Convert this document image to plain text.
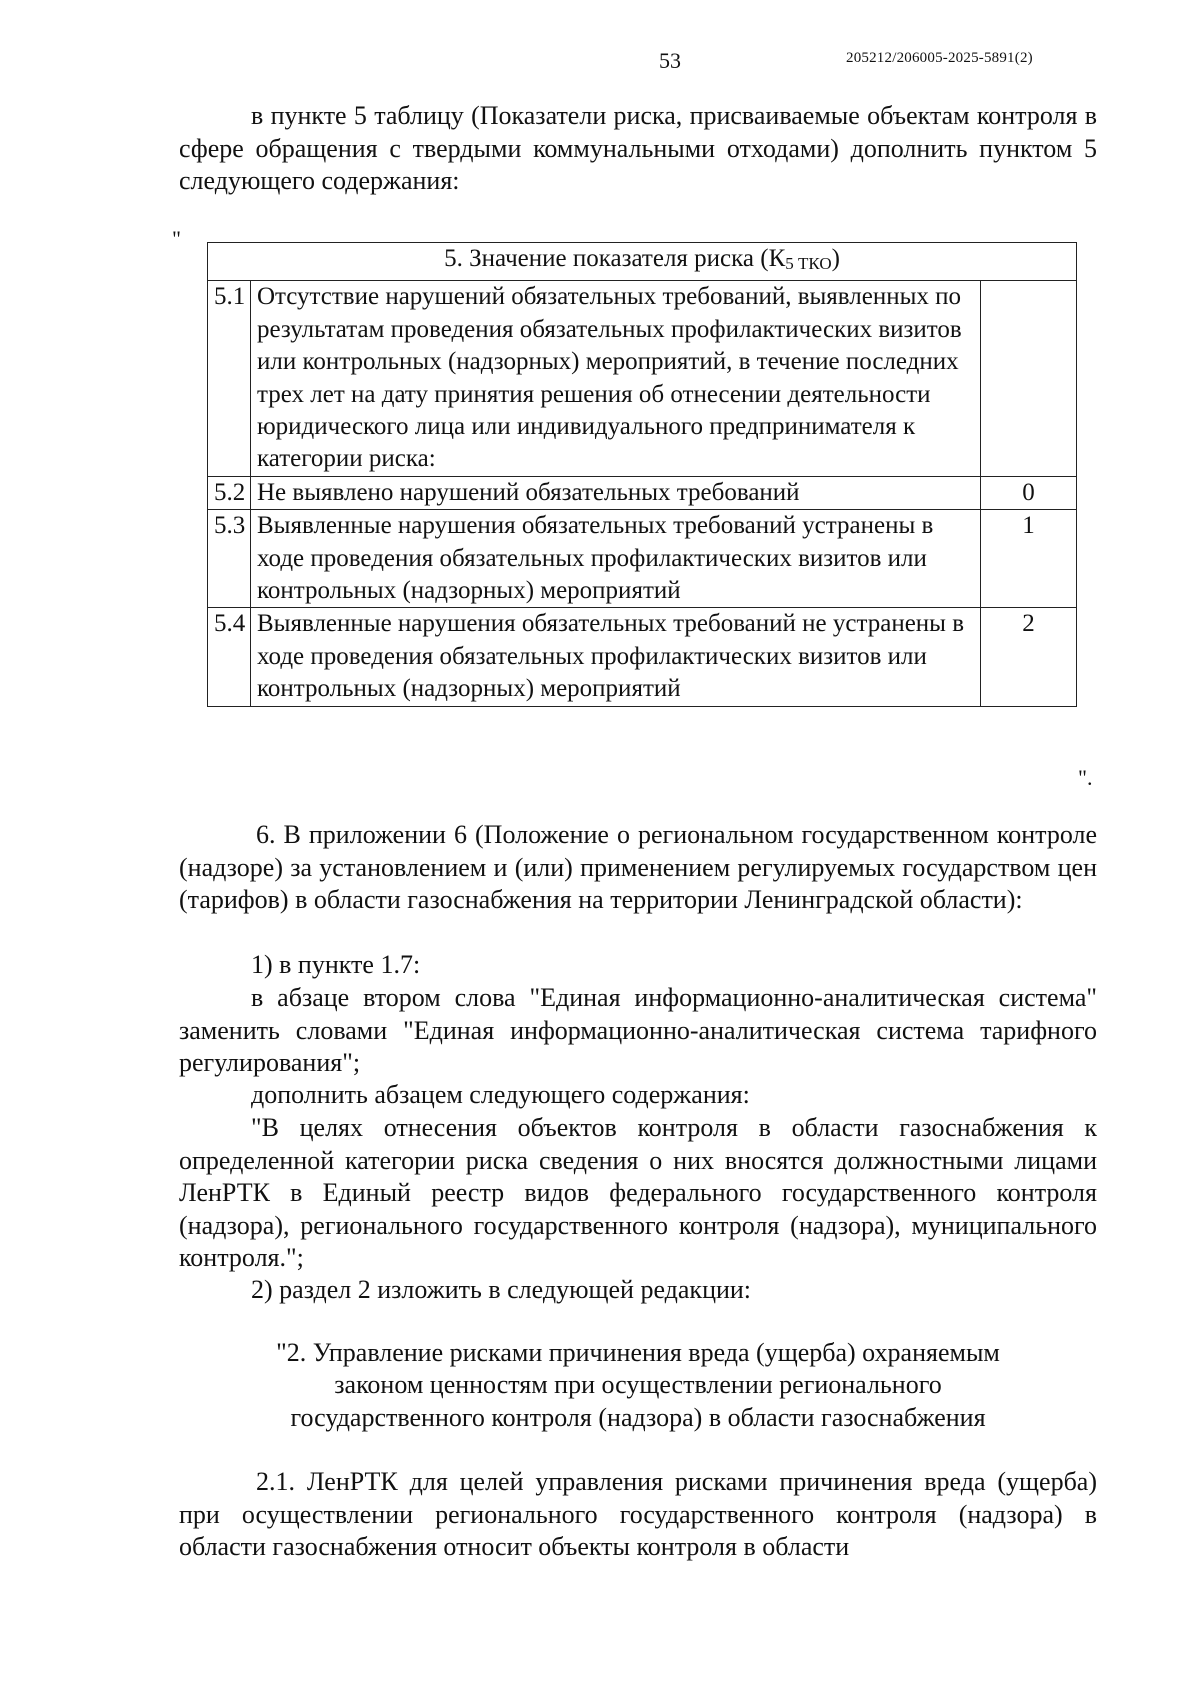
53	205212/206005-2025-5891(2)

в пункте 5 таблицу (Показатели риска, присваиваемые объектам контроля в сфере обращения с твердыми коммунальными отходами) дополнить пунктом 5 следующего содержания:

"
5. Значение показателя риска $(К_{5 ТКО})$		
5.1	Отсутствие нарушений обязательных требований, выявленных по результатам проведения обязательных профилактических визитов или контрольных (надзорных) мероприятий, в течение последних трех лет на дату принятия решения об отнесении деятельности юридического лица или индивидуального предпринимателя к категории риска:	
5.2	Не выявлено нарушений обязательных требований	0
5.3	Выявленные нарушения обязательных требований устранены в ходе проведения обязательных профилактических визитов или контрольных (надзорных) мероприятий	1
5.4	Выявленные нарушения обязательных требований не устранены в ходе проведения обязательных профилактических визитов или контрольных (надзорных) мероприятий	2
".

6. В приложении 6 (Положение о региональном государственном контроле (надзоре) за установлением и (или) применением регулируемых государством цен (тарифов) в области газоснабжения на территории Ленинградской области):

1) в пункте 1.7:

в абзаце втором слова "Единая информационно-аналитическая система" заменить словами "Единая информационно-аналитическая система тарифного регулирования";

дополнить абзацем следующего содержания:

"В целях отнесения объектов контроля в области газоснабжения к определенной категории риска сведения о них вносятся должностными лицами ЛенРТК в Единый реестр видов федерального государственного контроля (надзора), регионального государственного контроля (надзора), муниципального контроля.";

2) раздел 2 изложить в следующей редакции:

"2. Управление рисками причинения вреда (ущерба) охраняемым

законом ценностям при осуществлении регионального

государственного контроля (надзора) в области газоснабжения

2.1. ЛенРТК для целей управления рисками причинения вреда (ущерба) при осуществлении регионального государственного контроля (надзора) в области газоснабжения относит объекты контроля в области
